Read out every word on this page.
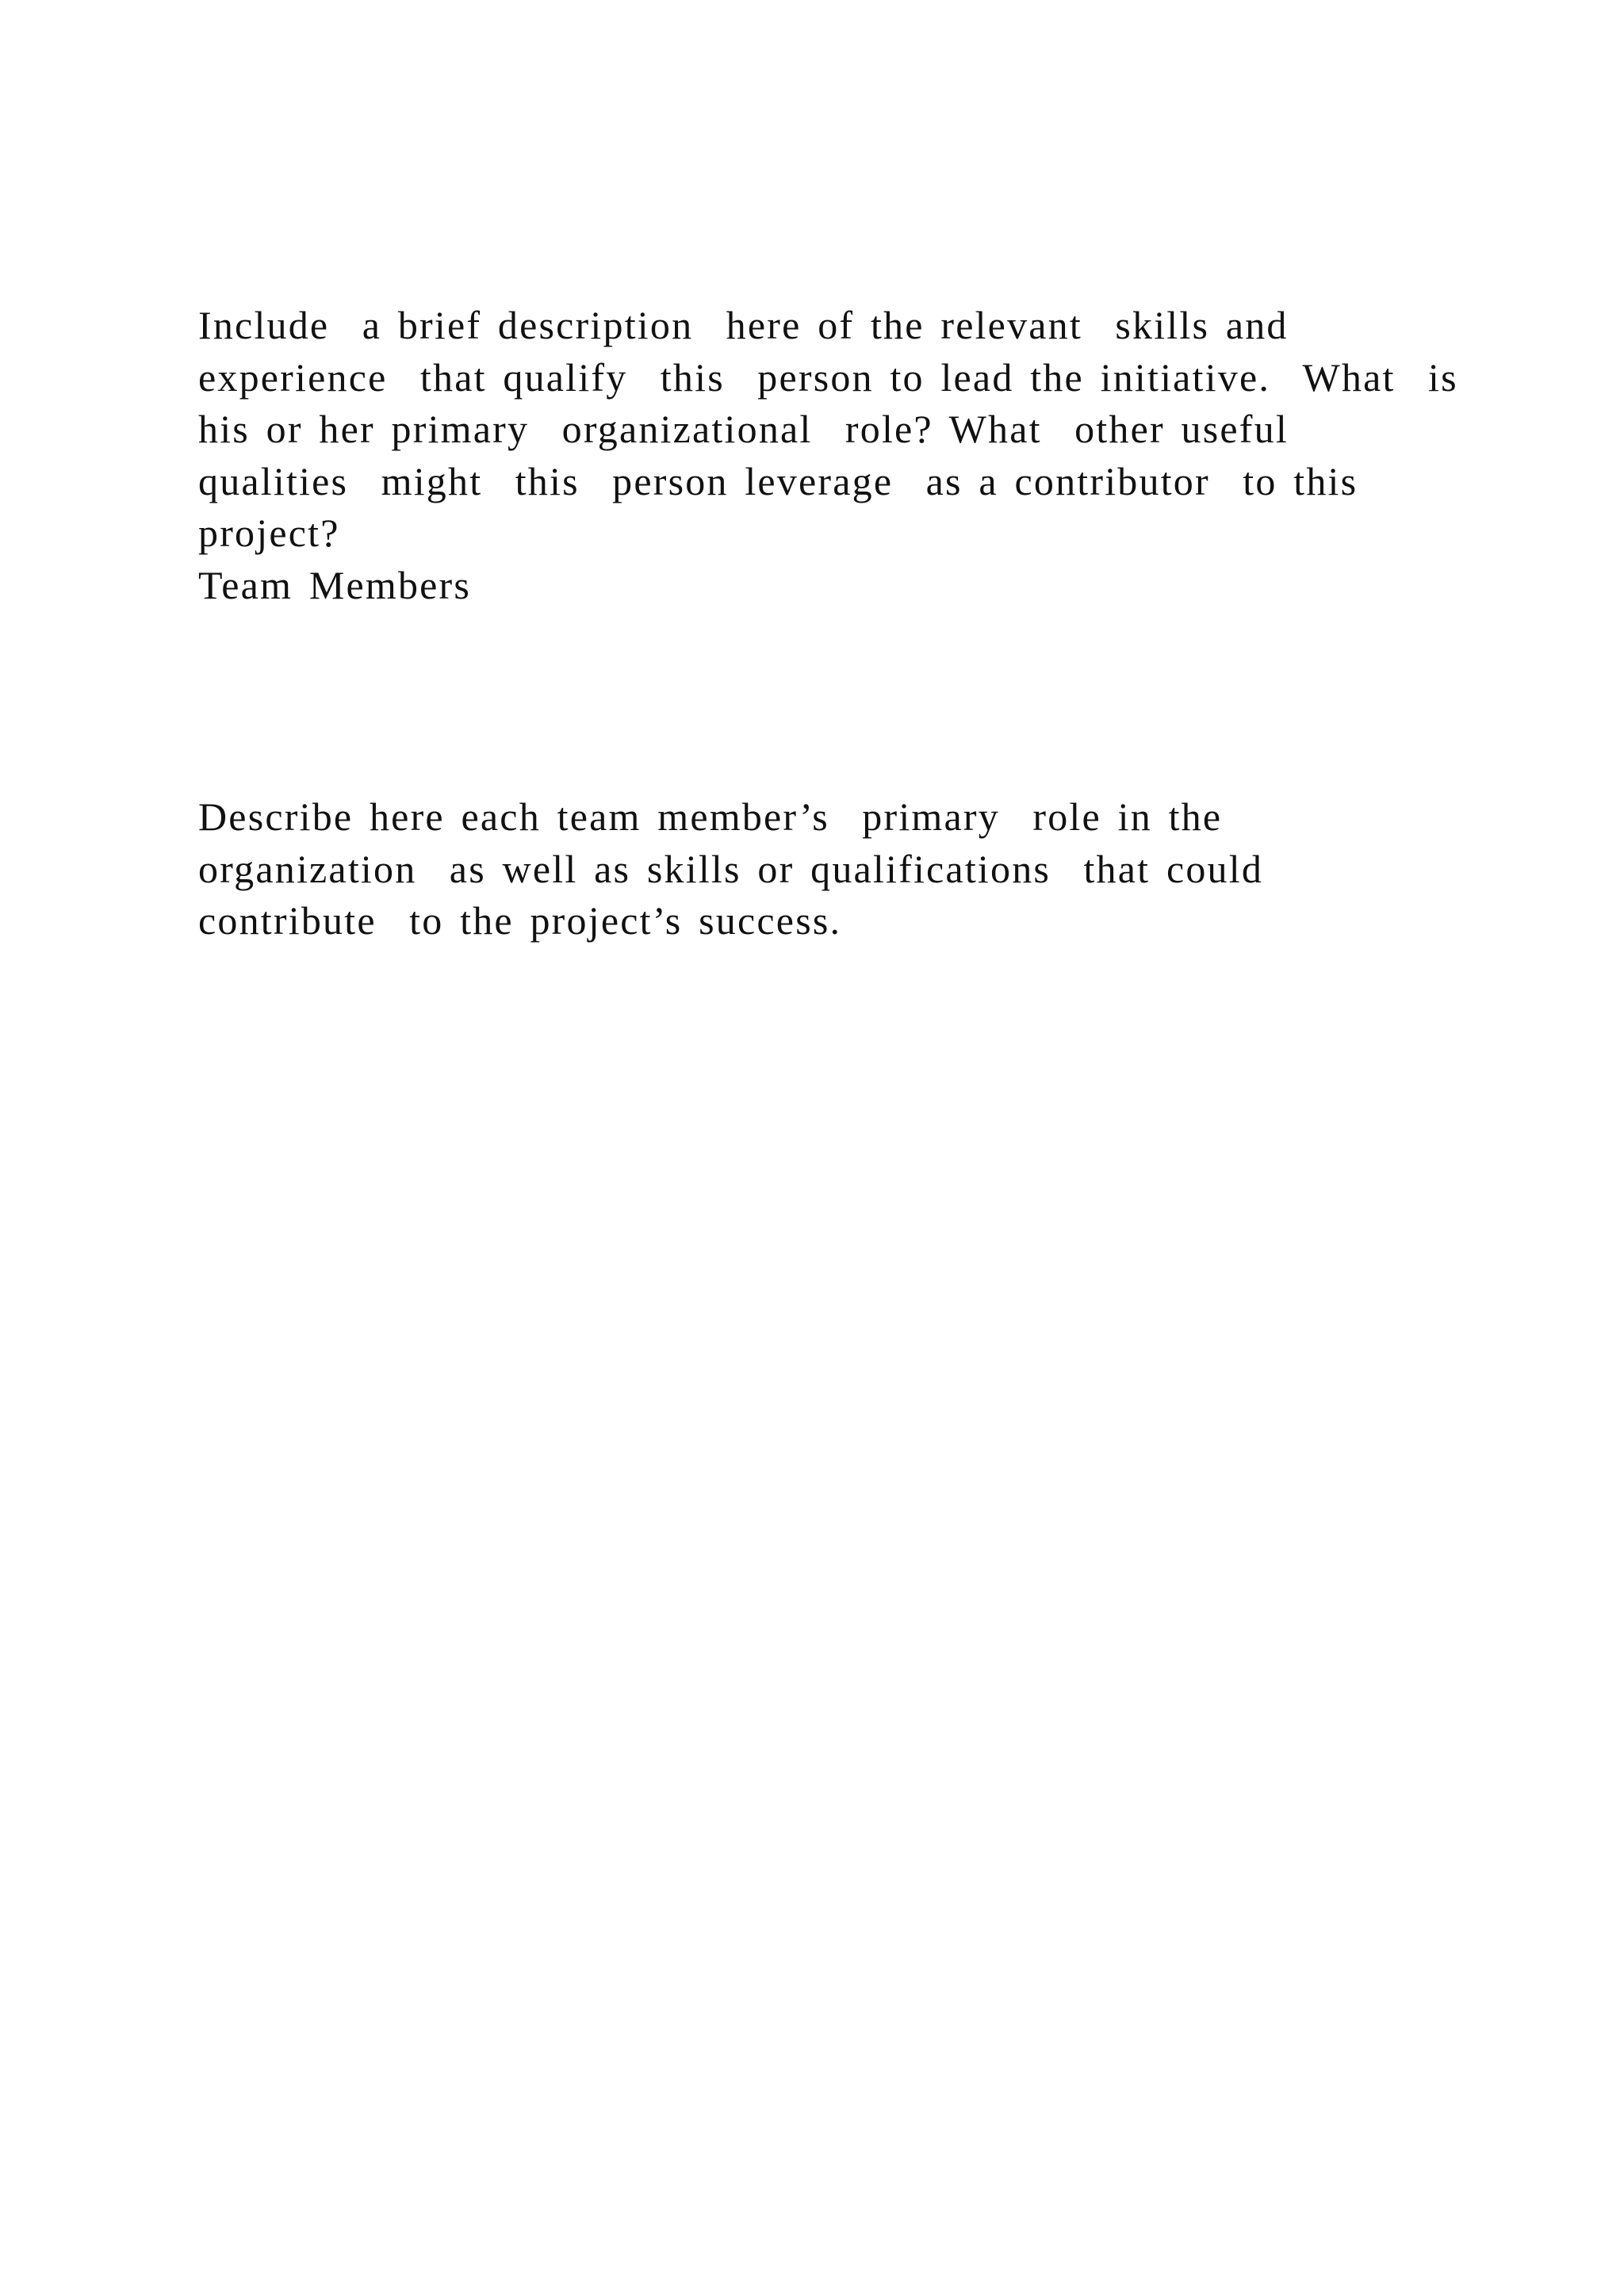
Include  a brief description  here of the relevant  skills and
experience  that qualify  this  person to lead the initiative.  What  is
his or her primary  organizational  role? What  other useful
qualities  might  this  person leverage  as a contributor  to this
project?
Team Members
Describe here each team member’s  primary  role in the
organization  as well as skills or qualifications  that could
contribute  to the project’s success.
